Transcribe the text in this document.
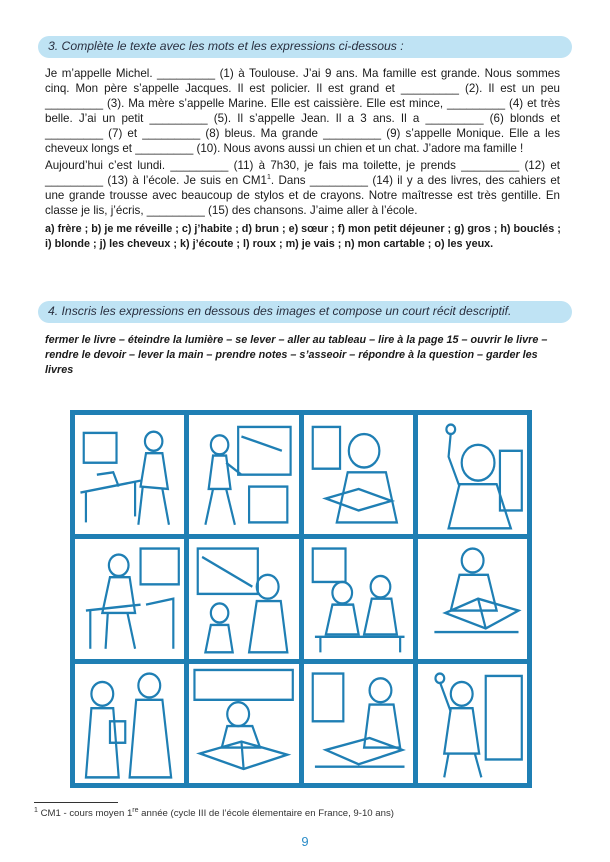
3. Complète le texte avec les mots et les expressions ci-dessous :

Je m’appelle Michel. _________ (1) à Toulouse. J’ai 9 ans. Ma famille est grande. Nous sommes cinq. Mon père s’appelle Jacques. Il est policier. Il est grand et _________ (2). Il est un peu _________ (3). Ma mère s’appelle Marine. Elle est caissière. Elle est mince, _________ (4) et très belle. J’ai un petit _________ (5). Il s’appelle Jean. Il a 3 ans. Il a _________ (6) blonds et _________ (7) et _________ (8) bleus. Ma grande _________ (9) s’appelle Monique. Elle a les cheveux longs et _________ (10). Nous avons aussi un chien et un chat. J’adore ma famille !

Aujourd’hui c’est lundi. _________ (11) à 7h30, je fais ma toilette, je prends _________ (12) et _________ (13) à l’école. Je suis en $CM1^1$. Dans _________ (14) il y a des livres, des cahiers et une grande trousse avec beaucoup de stylos et de crayons. Notre maîtresse est très gentille. En classe je lis, j’écris, _________ (15) des chansons. J’aime aller à l’école.

a) frère ; b) je me réveille ; c) j’habite ; d) brun ; e) sœur ; f) mon petit déjeuner ; g) gros ; h) bouclés ; i) blonde ; j) les cheveux ; k) j’écoute ; l) roux ; m) je vais ; n) mon cartable ; o) les yeux.

4. Inscris les expressions en dessous des images et compose un court récit descriptif.

fermer le livre – éteindre la lumière – se lever – aller au tableau – lire à la page 15 – ouvrir le livre – rendre le devoir – lever la main – prendre notes – s’asseoir – répondre à la question – garder les livres

$^1$ CM1 - cours moyen 1re année (cycle III de l’école élementaire en France, 9-10 ans)
9
